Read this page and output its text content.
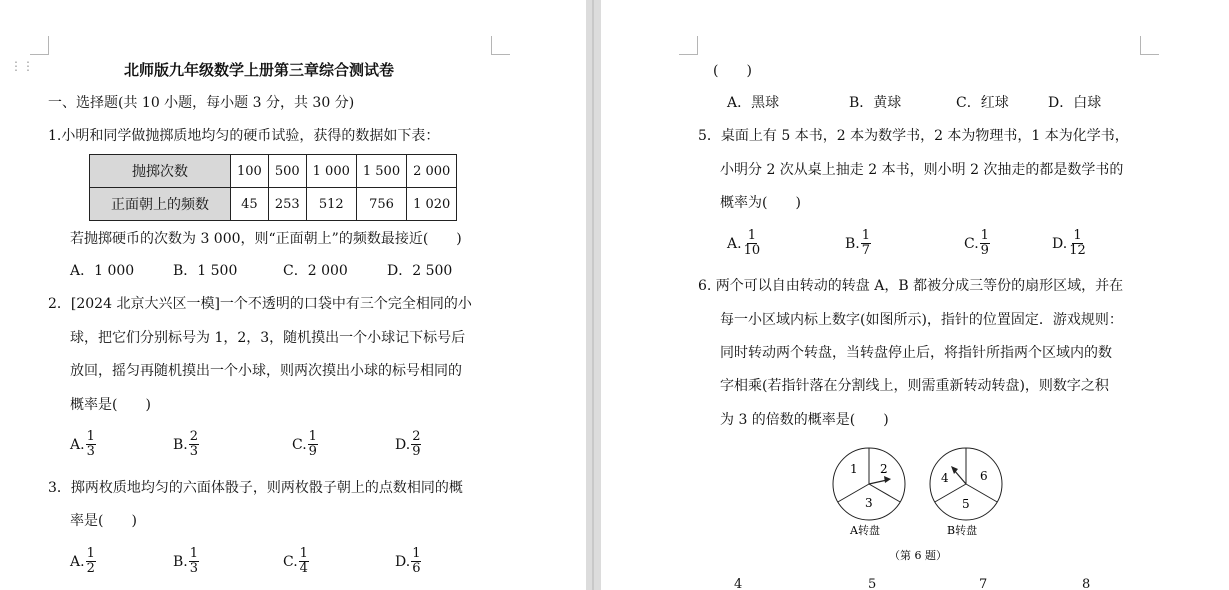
⋮⋮	北师版九年级数学上册第三章综合测试卷
一、选择题(共 10 小题，每小题 3 分，共 30 分)
1.小明和同学做抛掷质地均匀的硬币试验，获得的数据如下表：
抛掷次数	100	500	1 000	1 500	2 000
正面朝上的频数	45	253	512	756	1 020
若抛掷硬币的次数为 3 000，则“正面朝上”的频数最接近(　　)
A．1 000	B．1 500	C．2 000	D．2 500
2．[2024 北京大兴区一模]一个不透明的口袋中有三个完全相同的小
球，把它们分别标号为 1，2，3，随机摸出一个小球记下标号后
放回，摇匀再随机摸出一个小球，则两次摸出小球的标号相同的
概率是(　　)
A. $\frac{1}{3}$	B. $\frac{2}{3}$	C. $\frac{1}{9}$	D. $\frac{2}{9}$
3．掷两枚质地均匀的六面体骰子，则两枚骰子朝上的点数相同的概
率是(　　)
A. $\frac{1}{2}$	B. $\frac{1}{3}$	C. $\frac{1}{4}$	D. $\frac{1}{6}$
(　　)
A．黑球	B．黄球	C．红球	D．白球
5．桌面上有 5 本书，2 本为数学书，2 本为物理书，1 本为化学书，
小明分 2 次从桌上抽走 2 本书，则小明 2 次抽走的都是数学书的
概率为(　　)
A. $\frac{1}{10}$	B. $\frac{1}{7}$	C. $\frac{1}{9}$	D. $\frac{1}{12}$
6. 两个可以自由转动的转盘 A，B 都被分成三等份的扇形区域，并在
每一小区域内标上数字(如图所示)，指针的位置固定．游戏规则：
同时转动两个转盘，当转盘停止后，将指针所指两个区域内的数
字相乘(若指针落在分割线上，则需重新转动转盘)，则数字之积
为 3 的倍数的概率是(　　)
1 2
3
A转盘
4
5
6
B转盘
（第 6 题）
4	5	7	8
